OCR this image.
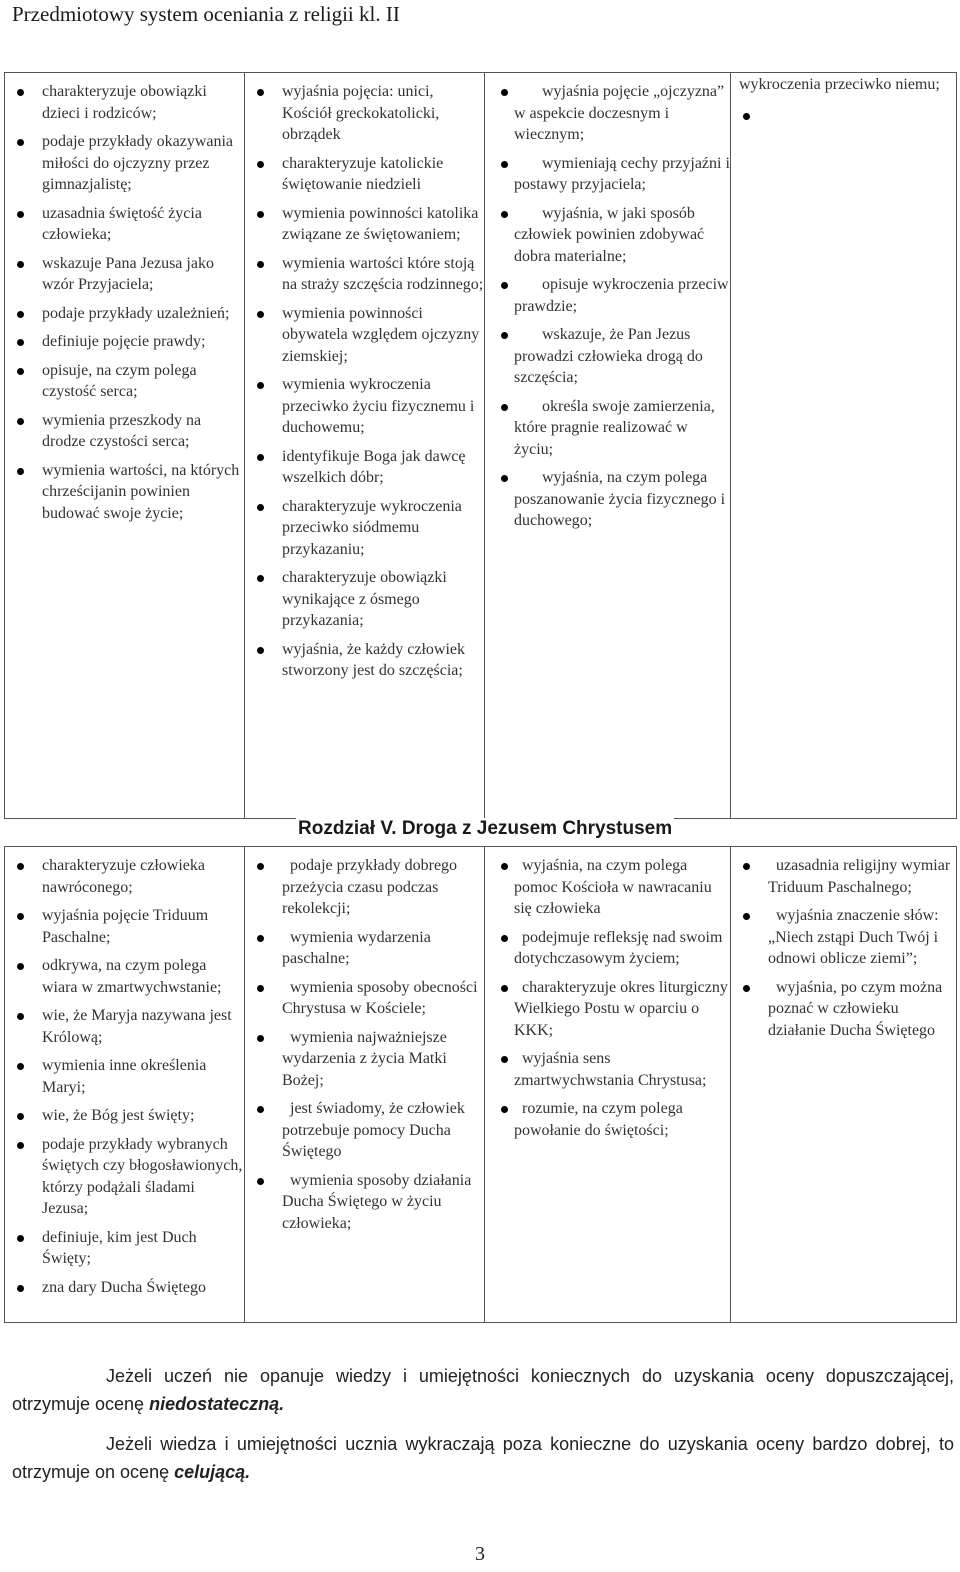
Przedmiotowy system oceniania z religii kl. II
charakteryzuje obowiązki dzieci i rodziców;
podaje przykłady okazywania miłości do ojczyzny przez gimnazjalistę;
uzasadnia świętość życia człowieka;
wskazuje Pana Jezusa jako wzór Przyjaciela;
podaje przykłady uzależnień;
definiuje pojęcie prawdy;
opisuje, na czym polega czystość serca;
wymienia przeszkody na drodze czystości serca;
wymienia wartości, na których chrześcijanin powinien budować swoje życie;

wyjaśnia pojęcia: unici, Kościół greckokatolicki, obrządek
charakteryzuje katolickie świętowanie niedzieli
wymienia powinności katolika związane ze świętowaniem;
wymienia wartości które stoją na straży szczęścia rodzinnego;
wymienia powinności obywatela względem ojczyzny ziemskiej;
wymienia wykroczenia przeciwko życiu fizycznemu i duchowemu;
identyfikuje Boga jak dawcę wszelkich dóbr;
charakteryzuje wykroczenia przeciwko siódmemu przykazaniu;
charakteryzuje obowiązki wynikające z ósmego przykazania;
wyjaśnia, że każdy człowiek stworzony jest do szczęścia;

wyjaśnia pojęcie „ojczyzna” w aspekcie doczesnym i wiecznym;
wymieniają cechy przyjaźni i postawy przyjaciela;
wyjaśnia, w jaki sposób człowiek powinien zdobywać dobra materialne;
opisuje wykroczenia przeciw prawdzie;
wskazuje, że Pan Jezus prowadzi człowieka drogą do szczęścia;
określa swoje zamierzenia, które pragnie realizować w życiu;
wyjaśnia, na czym polega poszanowanie życia fizycznego i duchowego;

wykroczenia przeciwko niemu;
Rozdział V. Droga z Jezusem Chrystusem
charakteryzuje człowieka nawróconego;
wyjaśnia pojęcie Triduum Paschalne;
odkrywa, na czym polega wiara w zmartwychwstanie;
wie, że Maryja nazywana jest Królową;
wymienia inne określenia Maryi;
wie, że Bóg jest święty;
podaje przykłady wybranych świętych czy błogosławionych, którzy podążali śladami Jezusa;
definiuje, kim jest Duch Święty;
zna dary Ducha Świętego

podaje przykłady dobrego przeżycia czasu podczas rekolekcji;
wymienia wydarzenia paschalne;
wymienia sposoby obecności Chrystusa w Kościele;
wymienia najważniejsze wydarzenia z życia Matki Bożej;
jest świadomy, że człowiek potrzebuje pomocy Ducha Świętego
wymienia sposoby działania Ducha Świętego w życiu człowieka;

wyjaśnia, na czym polega pomoc Kościoła w nawracaniu się człowieka
podejmuje refleksję nad swoim dotychczasowym życiem;
charakteryzuje okres liturgiczny Wielkiego Postu w oparciu o KKK;
wyjaśnia sens zmartwychwstania Chrystusa;
rozumie, na czym polega powołanie do świętości;

uzasadnia religijny wymiar Triduum Paschalnego;
wyjaśnia znaczenie słów: „Niech zstąpi Duch Twój i odnowi oblicze ziemi”;
wyjaśnia, po czym można poznać w człowieku działanie Ducha Świętego
Jeżeli uczeń nie opanuje wiedzy i umiejętności koniecznych do uzyskania oceny dopuszczającej, otrzymuje ocenę niedostateczną.
Jeżeli wiedza i umiejętności ucznia wykraczają poza konieczne do uzyskania oceny bardzo dobrej, to otrzymuje on ocenę celującą.
3
